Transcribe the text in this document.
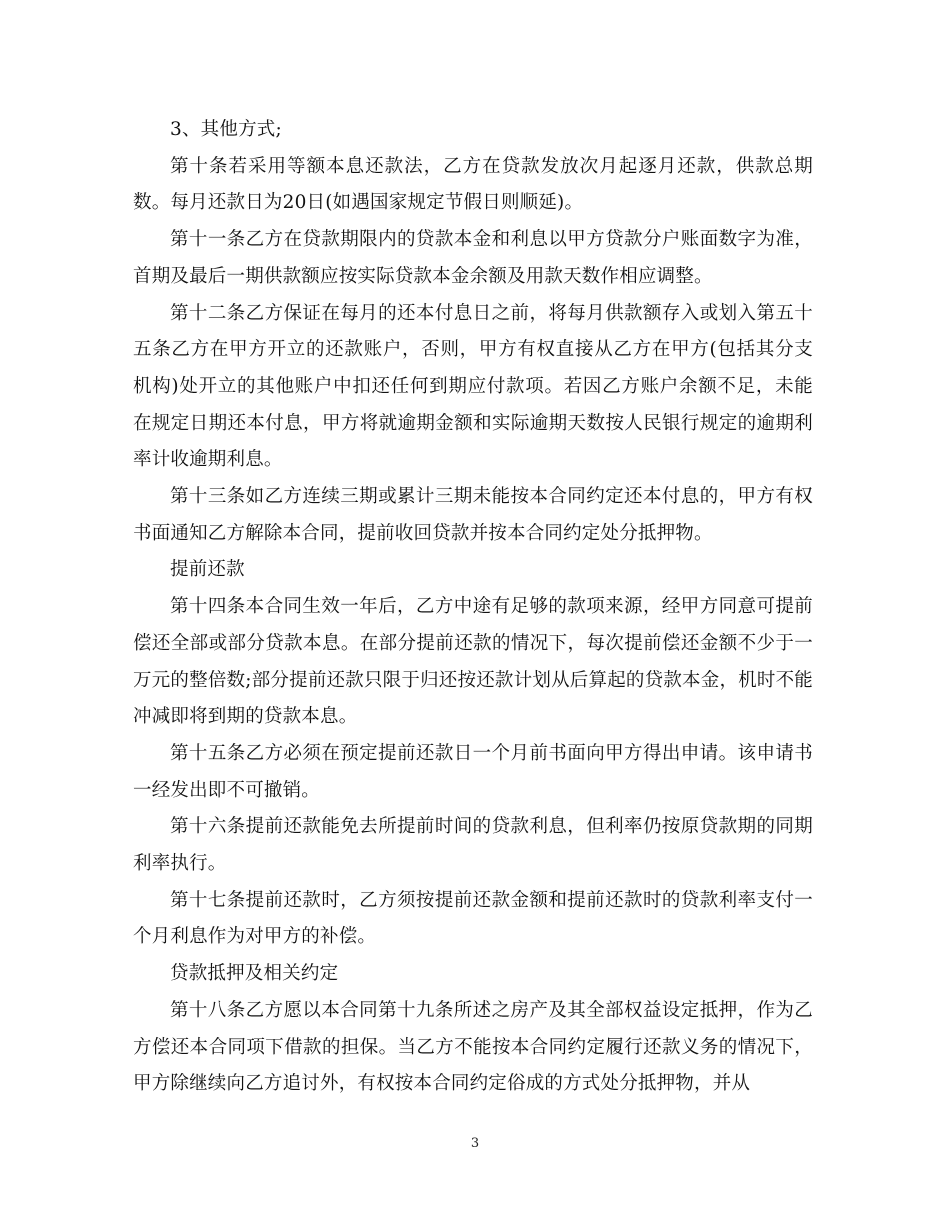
3、其他方式;

第十条若采用等额本息还款法，乙方在贷款发放次月起逐月还款，供款总期数。每月还款日为20日(如遇国家规定节假日则顺延)。

第十一条乙方在贷款期限内的贷款本金和利息以甲方贷款分户账面数字为准，首期及最后一期供款额应按实际贷款本金余额及用款天数作相应调整。

第十二条乙方保证在每月的还本付息日之前，将每月供款额存入或划入第五十五条乙方在甲方开立的还款账户，否则，甲方有权直接从乙方在甲方(包括其分支机构)处开立的其他账户中扣还任何到期应付款项。若因乙方账户余额不足，未能在规定日期还本付息，甲方将就逾期金额和实际逾期天数按人民银行规定的逾期利率计收逾期利息。

第十三条如乙方连续三期或累计三期未能按本合同约定还本付息的，甲方有权书面通知乙方解除本合同，提前收回贷款并按本合同约定处分抵押物。

提前还款

第十四条本合同生效一年后，乙方中途有足够的款项来源，经甲方同意可提前偿还全部或部分贷款本息。在部分提前还款的情况下，每次提前偿还金额不少于一万元的整倍数;部分提前还款只限于归还按还款计划从后算起的贷款本金，机时不能冲减即将到期的贷款本息。

第十五条乙方必须在预定提前还款日一个月前书面向甲方得出申请。该申请书一经发出即不可撤销。

第十六条提前还款能免去所提前时间的贷款利息，但利率仍按原贷款期的同期利率执行。

第十七条提前还款时，乙方须按提前还款金额和提前还款时的贷款利率支付一个月利息作为对甲方的补偿。

贷款抵押及相关约定

第十八条乙方愿以本合同第十九条所述之房产及其全部权益设定抵押，作为乙方偿还本合同项下借款的担保。当乙方不能按本合同约定履行还款义务的情况下，甲方除继续向乙方追讨外，有权按本合同约定俗成的方式处分抵押物，并从

3
